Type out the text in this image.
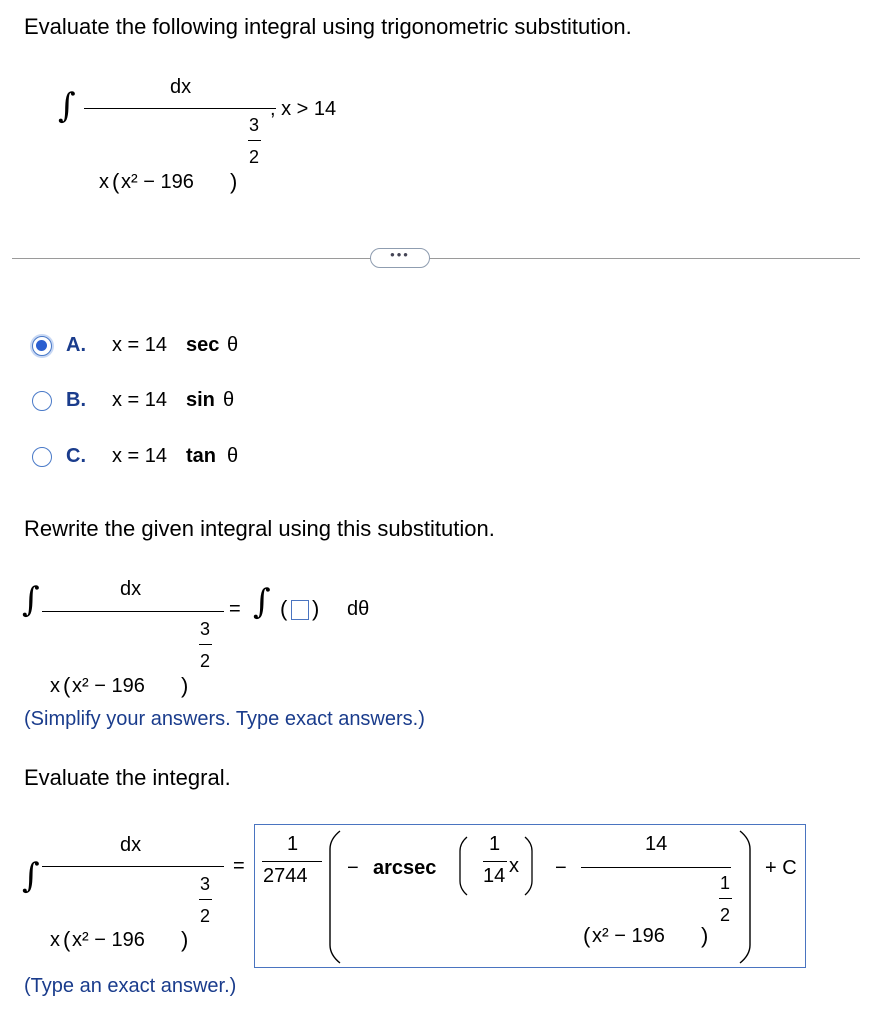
Evaluate the following integral using trigonometric substitution.
∫	dx
x ( x² − 196 )
3
2
, x > 14
•••
A. x = 14 sec θ
B. x = 14 sin θ
C. x = 14 tan θ
Rewrite the given integral using this substitution.
∫	dx
x ( x² − 196 )
3
2
= ∫ ( ) dθ
(Simplify your answers. Type exact answers.)
Evaluate the integral.
∫
dx
x ( x² − 196 )
3
2
=
1
2744 − arcsec
1
14 x −
14
( x² − 196 )
1
2
+ C
(Type an exact answer.)
